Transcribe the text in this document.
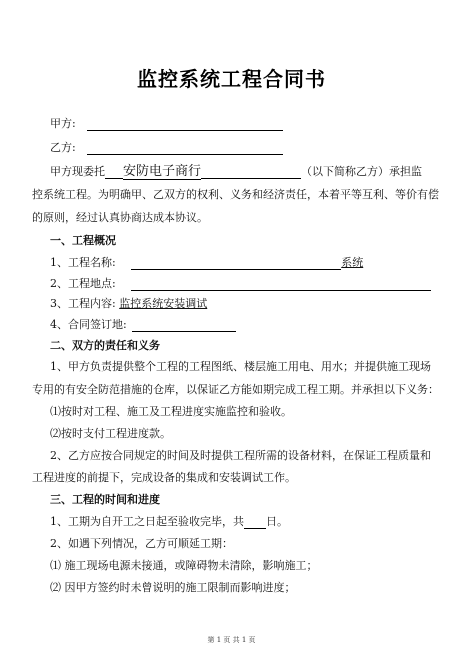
监控系统工程合同书
甲方:
乙方:
甲方现委托 安防电子商行	（以下简称乙方）承担监
控系统工程。为明确甲、乙双方的权利、义务和经济责任，本着平等互利、等价有偿
的原则，经过认真协商达成本协议。
一、工程概况
1、工程名称:	系统
2、工程地点:
3、工程内容: 监控系统安装调试
4、合同签订地:
二、双方的责任和义务
1、甲方负责提供整个工程的工程图纸、楼层施工用电、用水；并提供施工现场
专用的有安全防范措施的仓库，以保证乙方能如期完成工程工期。并承担以下义务：
⑴按时对工程、施工及工程进度实施监控和验收。
⑵按时支付工程进度款。
2、乙方应按合同规定的时间及时提供工程所需的设备材料，在保证工程质量和
工程进度的前提下，完成设备的集成和安装调试工作。
三、工程的时间和进度
1、工期为自开工之日起至验收完毕，共 日。
2、如遇下列情况，乙方可顺延工期：
⑴ 施工现场电源未接通，或障碍物未清除，影响施工；
⑵ 因甲方签约时未曾说明的施工限制而影响进度；
第 1 页 共 1 页
